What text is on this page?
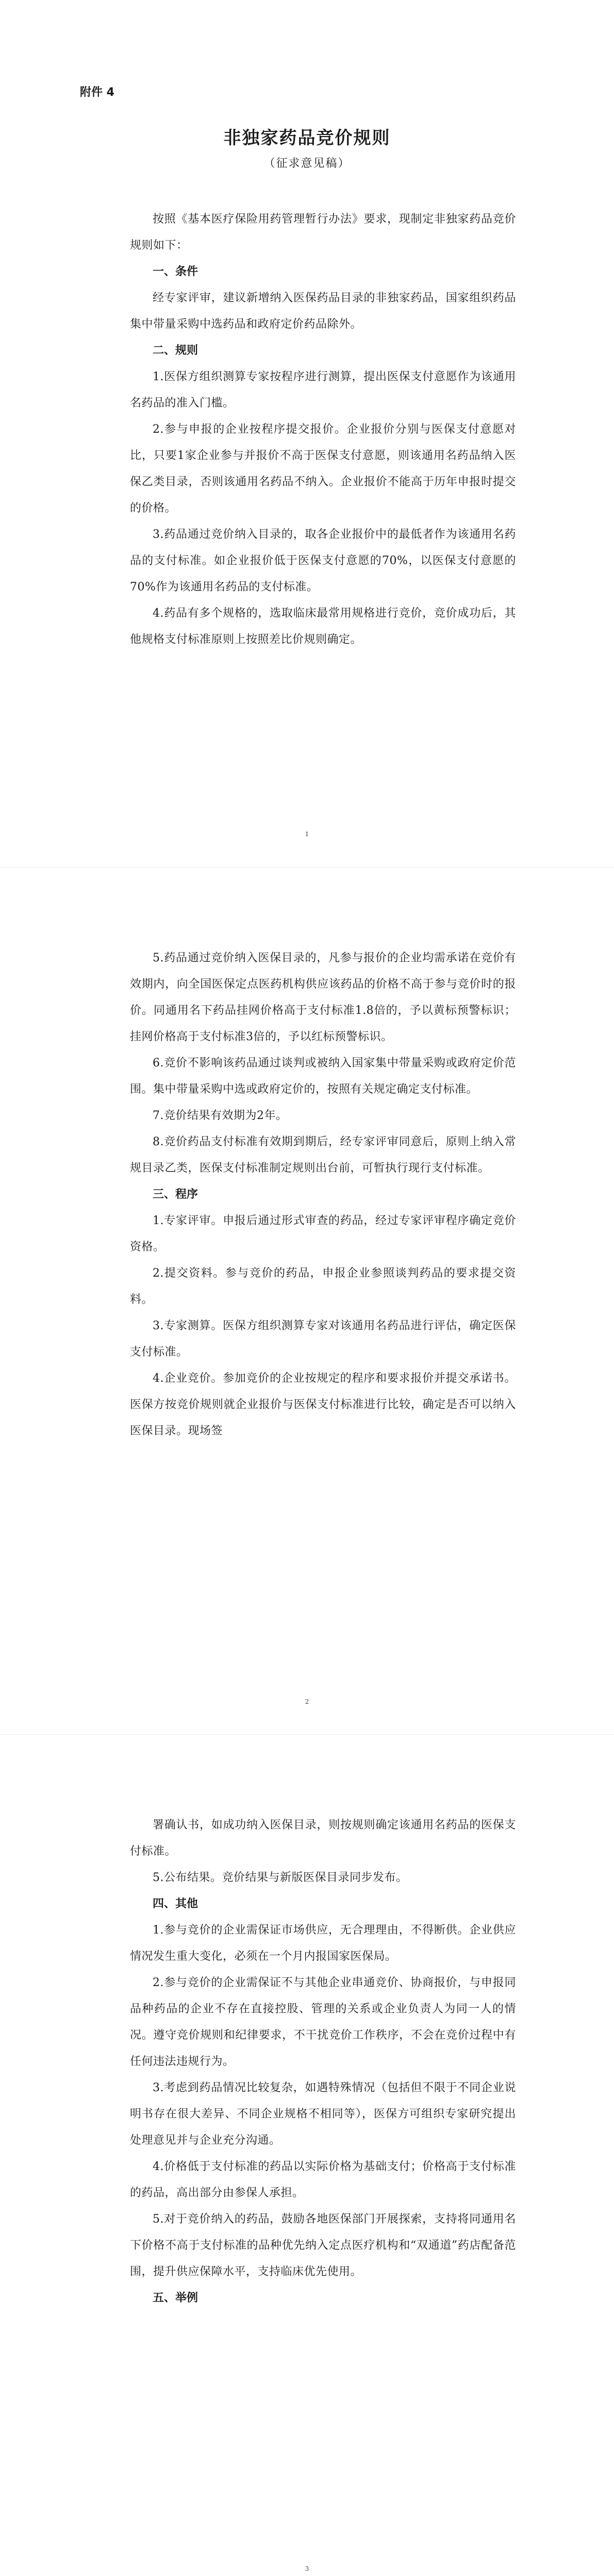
附件 4
非独家药品竞价规则
（征求意见稿）

按照《基本医疗保险用药管理暂行办法》要求，现制定非独家药品竞价规则如下：

一、条件

经专家评审，建议新增纳入医保药品目录的非独家药品，国家组织药品集中带量采购中选药品和政府定价药品除外。

二、规则

1.医保方组织测算专家按程序进行测算，提出医保支付意愿作为该通用名药品的准入门槛。

2.参与申报的企业按程序提交报价。企业报价分别与医保支付意愿对比，只要1家企业参与并报价不高于医保支付意愿，则该通用名药品纳入医保乙类目录，否则该通用名药品不纳入。企业报价不能高于历年申报时提交的价格。

3.药品通过竞价纳入目录的，取各企业报价中的最低者作为该通用名药品的支付标准。如企业报价低于医保支付意愿的70%，以医保支付意愿的70%作为该通用名药品的支付标准。

4.药品有多个规格的，选取临床最常用规格进行竞价，竞价成功后，其他规格支付标准原则上按照差比价规则确定。

1

5.药品通过竞价纳入医保目录的，凡参与报价的企业均需承诺在竞价有效期内，向全国医保定点医药机构供应该药品的价格不高于参与竞价时的报价。同通用名下药品挂网价格高于支付标准1.8倍的，予以黄标预警标识；挂网价格高于支付标准3倍的，予以红标预警标识。

6.竞价不影响该药品通过谈判或被纳入国家集中带量采购或政府定价范围。集中带量采购中选或政府定价的，按照有关规定确定支付标准。

7.竞价结果有效期为2年。

8.竞价药品支付标准有效期到期后，经专家评审同意后，原则上纳入常规目录乙类，医保支付标准制定规则出台前，可暂执行现行支付标准。

三、程序

1.专家评审。申报后通过形式审查的药品，经过专家评审程序确定竞价资格。

2.提交资料。参与竞价的药品，申报企业参照谈判药品的要求提交资料。

3.专家测算。医保方组织测算专家对该通用名药品进行评估，确定医保支付标准。

4.企业竞价。参加竞价的企业按规定的程序和要求报价并提交承诺书。医保方按竞价规则就企业报价与医保支付标准进行比较，确定是否可以纳入医保目录。现场签

2

署确认书，如成功纳入医保目录，则按规则确定该通用名药品的医保支付标准。

5.公布结果。竞价结果与新版医保目录同步发布。

四、其他

1.参与竞价的企业需保证市场供应，无合理理由，不得断供。企业供应情况发生重大变化，必须在一个月内报国家医保局。

2.参与竞价的企业需保证不与其他企业串通竞价、协商报价，与申报同品种药品的企业不存在直接控股、管理的关系或企业负责人为同一人的情况。遵守竞价规则和纪律要求，不干扰竞价工作秩序，不会在竞价过程中有任何违法违规行为。

3.考虑到药品情况比较复杂，如遇特殊情况（包括但不限于不同企业说明书存在很大差异、不同企业规格不相同等），医保方可组织专家研究提出处理意见并与企业充分沟通。

4.价格低于支付标准的药品以实际价格为基础支付；价格高于支付标准的药品，高出部分由参保人承担。

5.对于竞价纳入的药品，鼓励各地医保部门开展探索，支持将同通用名下价格不高于支付标准的品种优先纳入定点医疗机构和“双通道”药店配备范围，提升供应保障水平，支持临床优先使用。

五、举例

3
